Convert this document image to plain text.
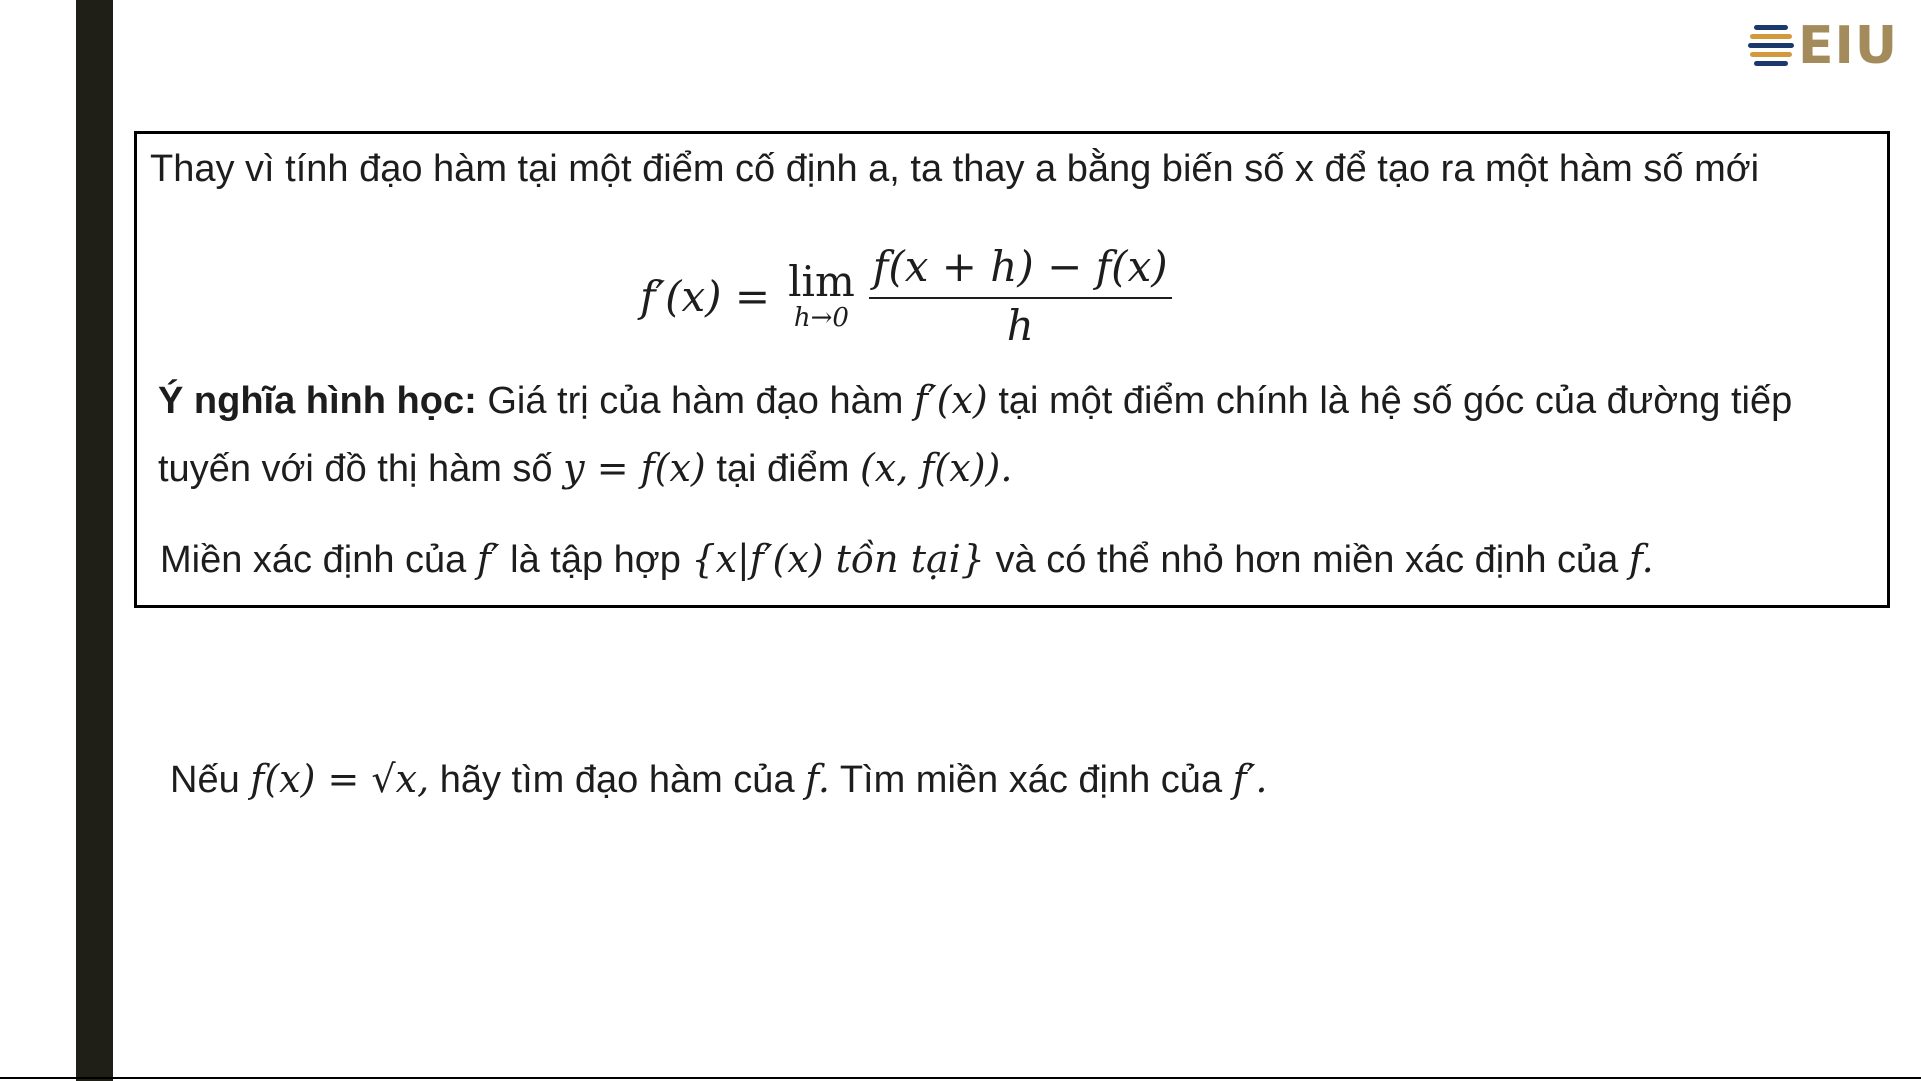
EIU
Thay vì tính đạo hàm tại một điểm cố định a, ta thay a bằng biến số x để tạo ra một hàm số mới
f′(x) = lim
$h\to 0 \frac{f(x + h) - f(x)}{h}$
Ý nghĩa hình học: Giá trị của hàm đạo hàm f′(x) tại một điểm chính là hệ số góc của đường tiếp
tuyến với đồ thị hàm số y = f(x) tại điểm (x, f(x)).
Miền xác định của f′ là tập hợp {x|f′(x) tồn tại} và có thể nhỏ hơn miền xác định của f.
Nếu f(x) = √x, hãy tìm đạo hàm của f. Tìm miền xác định của f′.
